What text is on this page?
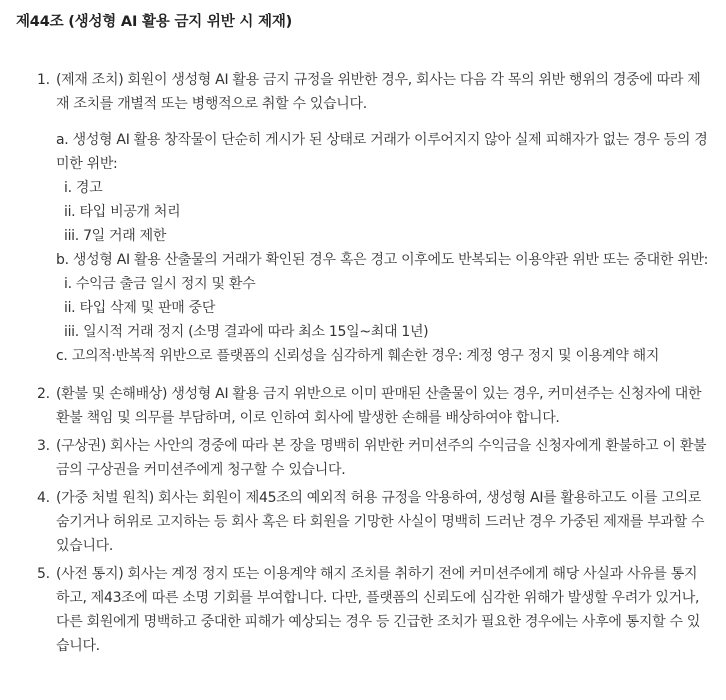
제44조 (생성형 AI 활용 금지 위반 시 제재)
1. (제재 조치) 회원이 생성형 AI 활용 금지 규정을 위반한 경우, 회사는 다음 각 목의 위반 행위의 경중에 따라 제재 조치를 개별적 또는 병행적으로 취할 수 있습니다.
a. 생성형 AI 활용 창작물이 단순히 게시가 된 상태로 거래가 이루어지지 않아 실제 피해자가 없는 경우 등의 경미한 위반:
i. 경고
ii. 타입 비공개 처리
iii. 7일 거래 제한
b. 생성형 AI 활용 산출물의 거래가 확인된 경우 혹은 경고 이후에도 반복되는 이용약관 위반 또는 중대한 위반:
i. 수익금 출금 일시 정지 및 환수
ii. 타입 삭제 및 판매 중단
iii. 일시적 거래 정지 (소명 결과에 따라 최소 15일~최대 1년)
c. 고의적·반복적 위반으로 플랫폼의 신뢰성을 심각하게 훼손한 경우: 계정 영구 정지 및 이용계약 해지
2. (환불 및 손해배상) 생성형 AI 활용 금지 위반으로 이미 판매된 산출물이 있는 경우, 커미션주는 신청자에 대한 환불 책임 및 의무를 부담하며, 이로 인하여 회사에 발생한 손해를 배상하여야 합니다.
3. (구상권) 회사는 사안의 경중에 따라 본 장을 명백히 위반한 커미션주의 수익금을 신청자에게 환불하고 이 환불금의 구상권을 커미션주에게 청구할 수 있습니다.
4. (가중 처벌 원칙) 회사는 회원이 제45조의 예외적 허용 규정을 악용하여, 생성형 AI를 활용하고도 이를 고의로 숨기거나 허위로 고지하는 등 회사 혹은 타 회원을 기망한 사실이 명백히 드러난 경우 가중된 제재를 부과할 수 있습니다.
5. (사전 통지) 회사는 계정 정지 또는 이용계약 해지 조치를 취하기 전에 커미션주에게 해당 사실과 사유를 통지하고, 제43조에 따른 소명 기회를 부여합니다. 다만, 플랫폼의 신뢰도에 심각한 위해가 발생할 우려가 있거나, 다른 회원에게 명백하고 중대한 피해가 예상되는 경우 등 긴급한 조치가 필요한 경우에는 사후에 통지할 수 있습니다.
